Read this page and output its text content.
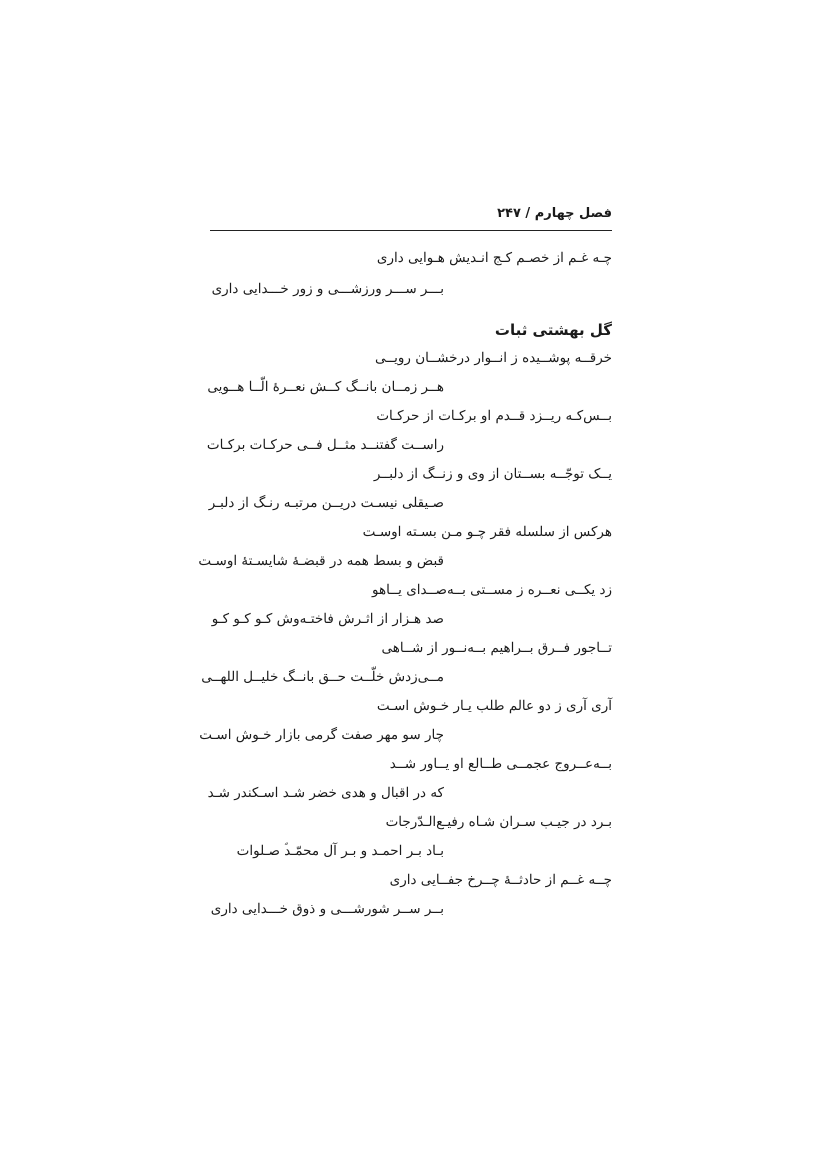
فصل چهارم / ۲۴۷
چـه غـم از خصـم کـج انـدیش هـوایی داری
بـــر ســـر ورزشـــی و زور خـــدایی داری
گل بهشتی ثبات
خرقــه پوشــیده ز انــوار درخشــان رویــی
هــر زمــان بانــگ کــش نعــرهٔ الّــا هــویی
بــس‌کـه ریــزد قــدم او برکـات از حرکـات
راســت گفتنــد مثــل فــی حرکـات برکـات
یــک توجّــه بســتان از وی و زنــگ از دلبــر
صـیقلی نیسـت دریــن مرتبـه رنـگ از دلبـر
هرکس از سلسله فقر چـو مـن بسـته اوسـت
قبض و بسط همه در قبضـهٔ شایسـتهٔ اوسـت
زد یکــی نعــره ز مســتی بــه‌صــدای یــاهو
صد هـزار از اثـرش فاختـه‌وش کـو کـو کـو
تــاجور فــرق بــراهیم بــه‌نــور از شــاهی
مــی‌زدش خلّــت حــق بانــگ خلیــل اللهــی
آری آری ز دو عالم طلب یـار خـوش اسـت
چار سو مهر صفت گرمی بازار خـوش اسـت
بــه‌عــروج عجمــی طــالع او یــاور شــد
که در اقبال و هدی خضر شـد اسـکندر شـد
بـرد در جیـب سـران شـاه رفیـع‌الـدّرجات
بـاد بـر احمـد و بـر آل محمّـد‌ؐ صـلوات
چــه غــم از حادثــهٔ چــرخ جفــایی داری
بــر ســر شورشـــی و ذوق خـــدایی داری
